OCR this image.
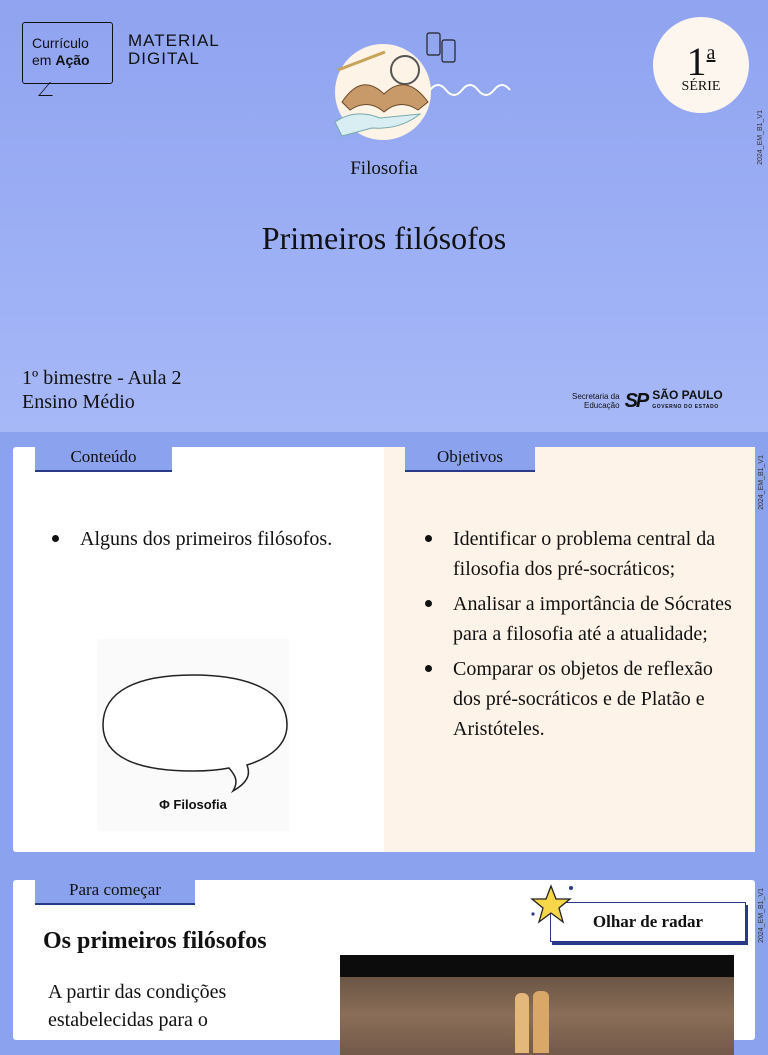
Currículo
em Ação
MATERIAL
DIGITAL
Filosofia
Primeiros filósofos
1$^a$
SÉRIE
2024_EM_B1_V1
1º bimestre - Aula 2
Ensino Médio	Secretaria da
Educação SP SÃO PAULO
GOVERNO DO ESTADO
Conteúdo	Objetivos
Alguns dos primeiros filósofos.	Identificar o problema central da filosofia dos pré-socráticos;
Analisar a importância de Sócrates para a filosofia até a atualidade;
Comparar os objetos de reflexão dos pré-socráticos e de Platão e Aristóteles.
Φ Filosofia
2024_EM_B1_V1
Para começar
Olhar de radar
Os primeiros filósofos
A partir das condições estabelecidas para o
2024_EM_B1_V1
